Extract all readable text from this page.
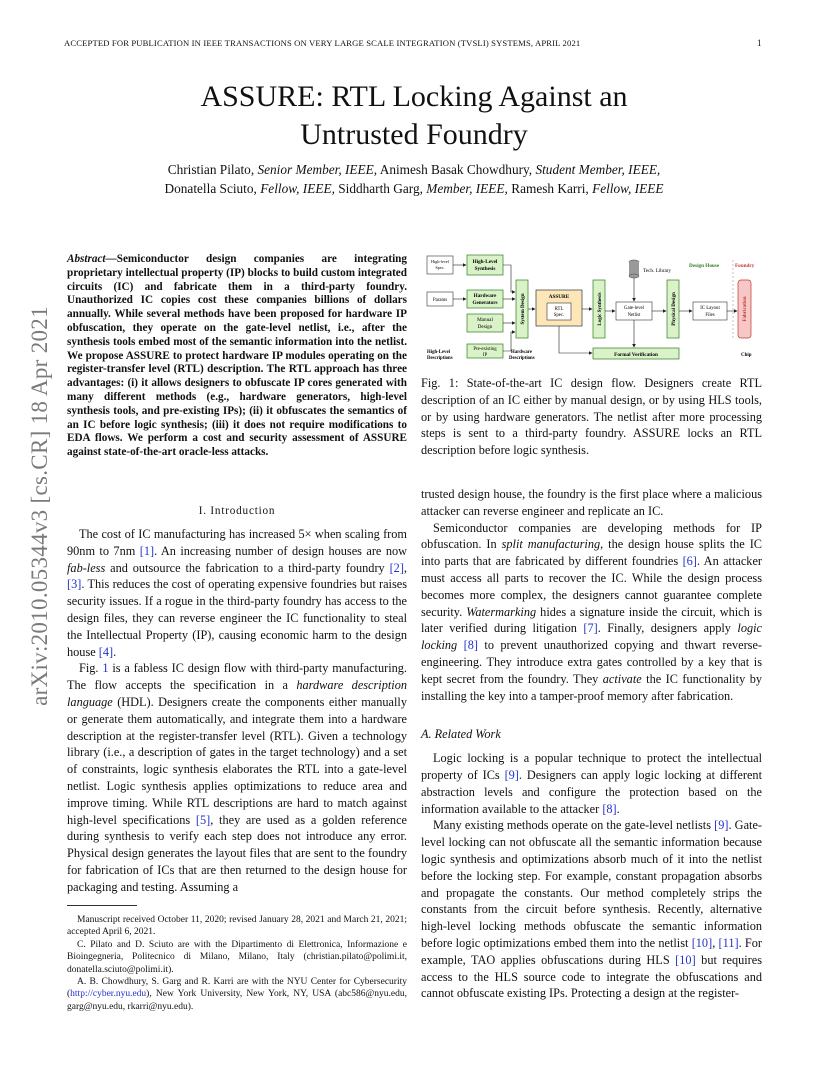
ACCEPTED FOR PUBLICATION IN IEEE TRANSACTIONS ON VERY LARGE SCALE INTEGRATION (TVSLI) SYSTEMS, APRIL 2021	1
ASSURE: RTL Locking Against an
Untrusted Foundry
Christian Pilato, Senior Member, IEEE, Animesh Basak Chowdhury, Student Member, IEEE,
Donatella Sciuto, Fellow, IEEE, Siddharth Garg, Member, IEEE, Ramesh Karri, Fellow, IEEE
arXiv:2010.05344v3 [cs.CR] 18 Apr 2021
Abstract—Semiconductor design companies are integrating proprietary intellectual property (IP) blocks to build custom integrated circuits (IC) and fabricate them in a third-party foundry. Unauthorized IC copies cost these companies billions of dollars annually. While several methods have been proposed for hardware IP obfuscation, they operate on the gate-level netlist, i.e., after the synthesis tools embed most of the semantic information into the netlist. We propose ASSURE to protect hardware IP modules operating on the register-transfer level (RTL) description. The RTL approach has three advantages: (i) it allows designers to obfuscate IP cores generated with many different methods (e.g., hardware generators, high-level synthesis tools, and pre-existing IPs); (ii) it obfuscates the semantics of an IC before logic synthesis; (iii) it does not require modifications to EDA flows. We perform a cost and security assessment of ASSURE against state-of-the-art oracle-less attacks.
I. Introduction

The cost of IC manufacturing has increased 5× when scaling from 90nm to 7nm [1]. An increasing number of design houses are now fab-less and outsource the fabrication to a third-party foundry [2], [3]. This reduces the cost of operating expensive foundries but raises security issues. If a rogue in the third-party foundry has access to the design files, they can reverse engineer the IC functionality to steal the Intellectual Property (IP), causing economic harm to the design house [4].

Fig. 1 is a fabless IC design flow with third-party manufacturing. The flow accepts the specification in a hardware description language (HDL). Designers create the components either manually or generate them automatically, and integrate them into a hardware description at the register-transfer level (RTL). Given a technology library (i.e., a description of gates in the target technology) and a set of constraints, logic synthesis elaborates the RTL into a gate-level netlist. Logic synthesis applies optimizations to reduce area and improve timing. While RTL descriptions are hard to match against high-level specifications [5], they are used as a golden reference during synthesis to verify each step does not introduce any error. Physical design generates the layout files that are sent to the foundry for fabrication of ICs that are then returned to the design house for packaging and testing. Assuming a

Manuscript received October 11, 2020; revised January 28, 2021 and March 21, 2021; accepted April 6, 2021.

C. Pilato and D. Sciuto are with the Dipartimento di Elettronica, Informazione e Bioingegneria, Politecnico di Milano, Milano, Italy (christian.pilato@polimi.it, donatella.sciuto@polimi.it).

A. B. Chowdhury, S. Garg and R. Karri are with the NYU Center for Cybersecurity (http://cyber.nyu.edu), New York University, New York, NY, USA (abc586@nyu.edu, garg@nyu.edu, rkarri@nyu.edu).

High-level
Spec.
High-Level
Synthesis
Params
Hardware
Generators
Manual
Design
Pre-existing
IP
System Design	ASSURE
RTL
Spec.
Tech. Library
Logic Synthesis	Gate-level
Netlist	Physical Design	IC Layout
Files	Fabrication
Design House	Foundry
Formal Verification
High-Level
Descriptions
Hardware
Descriptions
Chip
Fig. 1: State-of-the-art IC design flow. Designers create RTL description of an IC either by manual design, or by using HLS tools, or by using hardware generators. The netlist after more processing steps is sent to a third-party foundry. ASSURE locks an RTL description before logic synthesis.

trusted design house, the foundry is the first place where a malicious attacker can reverse engineer and replicate an IC.

Semiconductor companies are developing methods for IP obfuscation. In split manufacturing, the design house splits the IC into parts that are fabricated by different foundries [6]. An attacker must access all parts to recover the IC. While the design process becomes more complex, the designers cannot guarantee complete security. Watermarking hides a signature inside the circuit, which is later verified during litigation [7]. Finally, designers apply logic locking [8] to prevent unauthorized copying and thwart reverse-engineering. They introduce extra gates controlled by a key that is kept secret from the foundry. They activate the IC functionality by installing the key into a tamper-proof memory after fabrication.

A. Related Work

Logic locking is a popular technique to protect the intellectual property of ICs [9]. Designers can apply logic locking at different abstraction levels and configure the protection based on the information available to the attacker [8].

Many existing methods operate on the gate-level netlists [9]. Gate-level locking can not obfuscate all the semantic information because logic synthesis and optimizations absorb much of it into the netlist before the locking step. For example, constant propagation absorbs and propagate the constants. Our method completely strips the constants from the circuit before synthesis. Recently, alternative high-level locking methods obfuscate the semantic information before logic optimizations embed them into the netlist [10], [11]. For example, TAO applies obfuscations during HLS [10] but requires access to the HLS source code to integrate the obfuscations and cannot obfuscate existing IPs. Protecting a design at the register-
